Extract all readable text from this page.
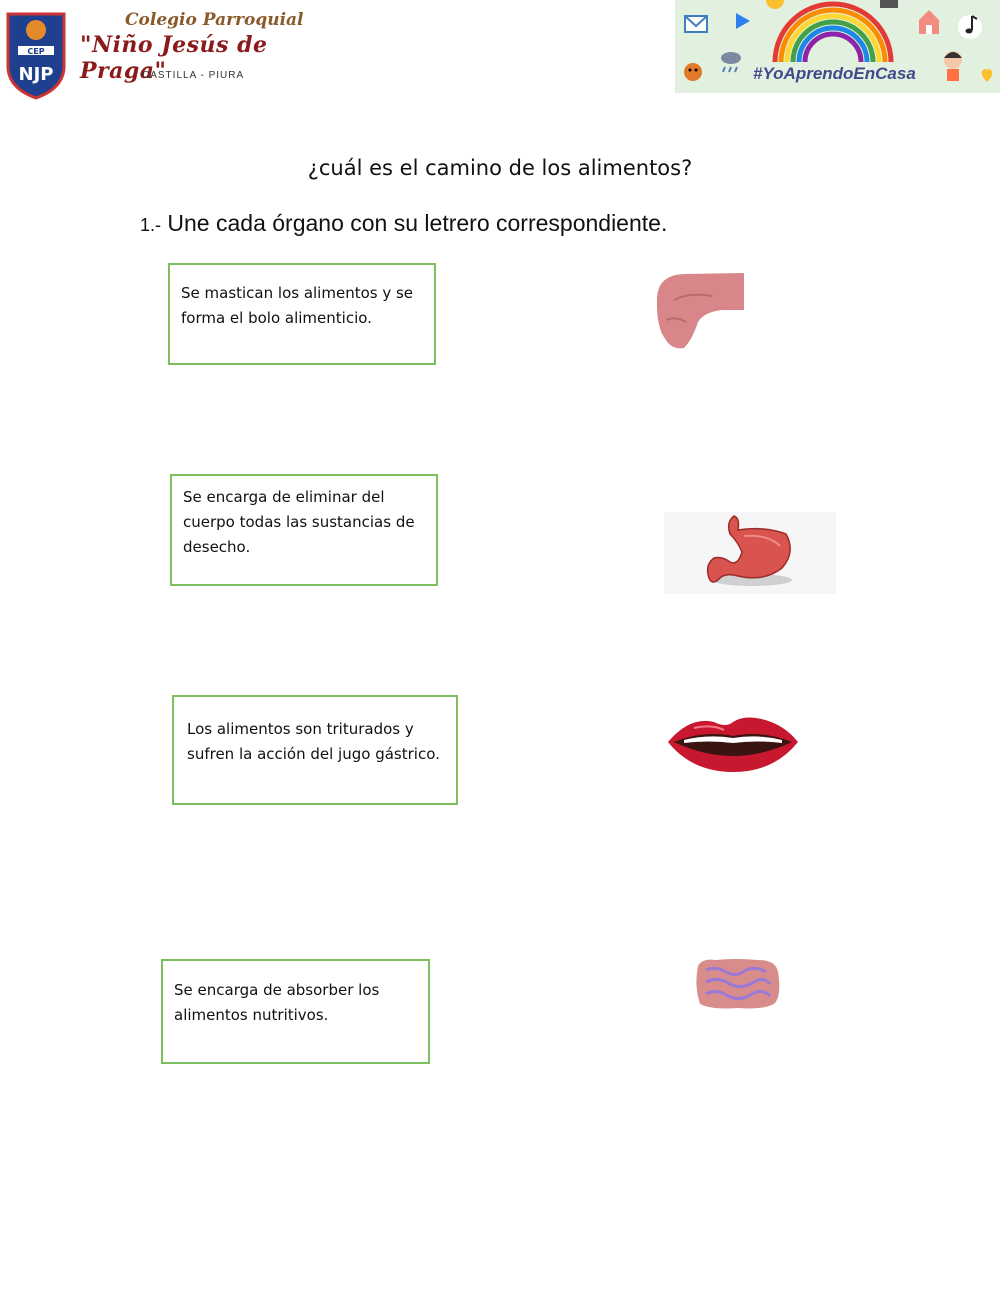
CEP
NJP
Colegio Parroquial
"Niño Jesús de Praga"
CASTILLA - PIURA	#YoAprendoEnCasa
¿cuál es el camino de los alimentos?
1.- Une cada órgano con su letrero correspondiente.
Se mastican los alimentos y se forma el bolo alimenticio.
Se encarga de eliminar del cuerpo todas las sustancias de desecho.
Los alimentos son triturados y sufren la acción del jugo gástrico.
Se encarga de absorber los alimentos nutritivos.
